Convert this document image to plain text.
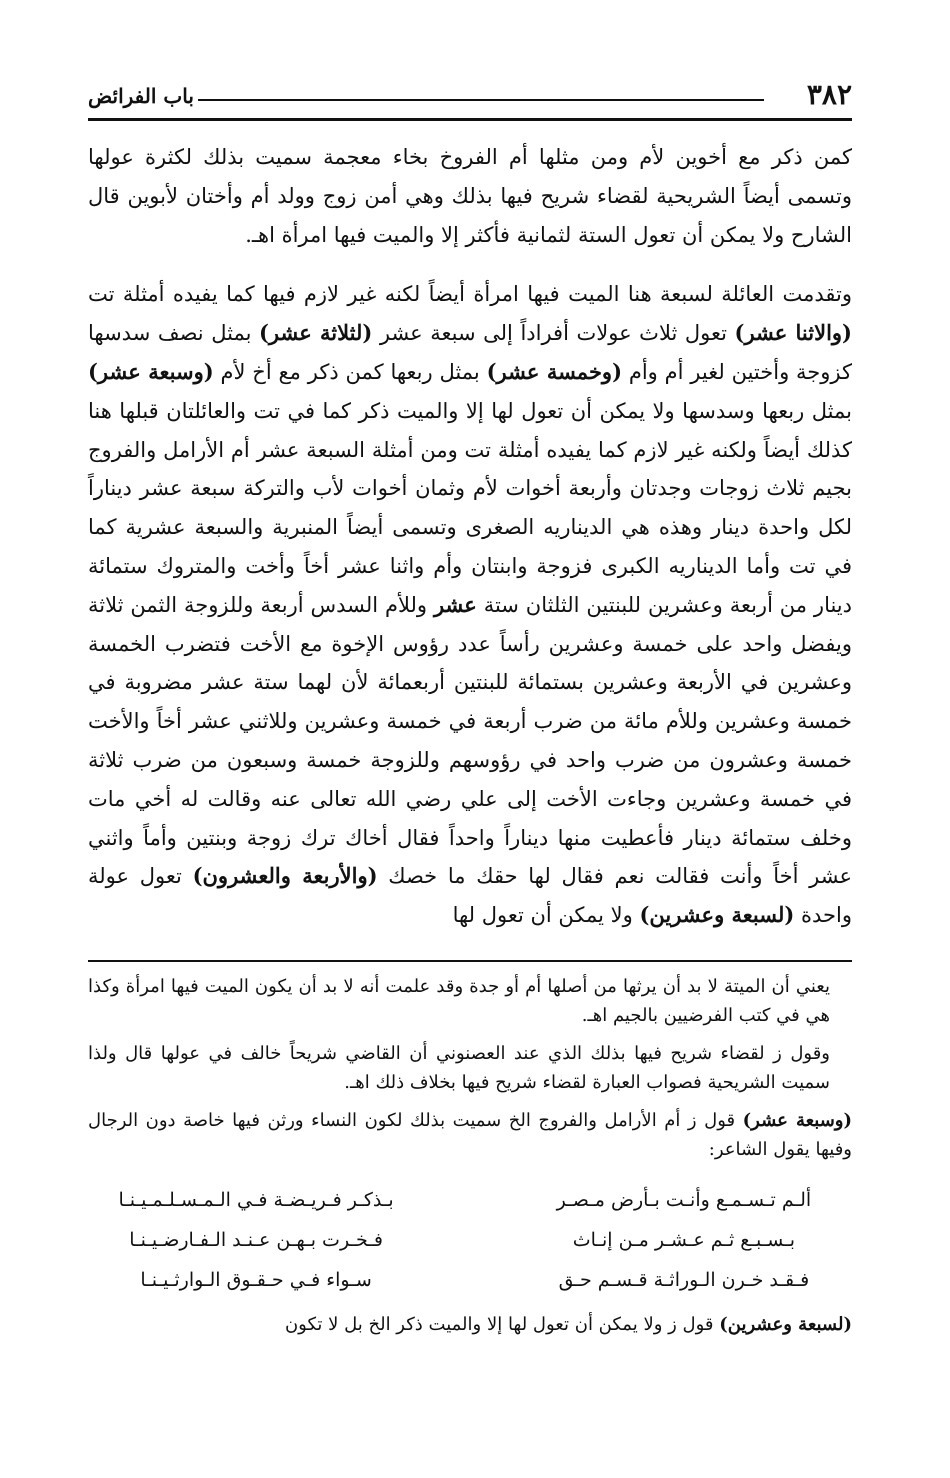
٣٨٢
باب الفرائض

كمن ذكر مع أخوين لأم ومن مثلها أم الفروخ بخاء معجمة سميت بذلك لكثرة عولها وتسمى أيضاً الشريحية لقضاء شريح فيها بذلك وهي أمن زوج وولد أم وأختان لأبوين قال الشارح ولا يمكن أن تعول الستة لثمانية فأكثر إلا والميت فيها امرأة اهـ.

وتقدمت العائلة لسبعة هنا الميت فيها امرأة أيضاً لكنه غير لازم فيها كما يفيده أمثلة تت (والاثنا عشر) تعول ثلاث عولات أفراداً إلى سبعة عشر (لثلاثة عشر) بمثل نصف سدسها كزوجة وأختين لغير أم وأم (وخمسة عشر) بمثل ربعها كمن ذكر مع أخ لأم (وسبعة عشر) بمثل ربعها وسدسها ولا يمكن أن تعول لها إلا والميت ذكر كما في تت والعائلتان قبلها هنا كذلك أيضاً ولكنه غير لازم كما يفيده أمثلة تت ومن أمثلة السبعة عشر أم الأرامل والفروج بجيم ثلاث زوجات وجدتان وأربعة أخوات لأم وثمان أخوات لأب والتركة سبعة عشر ديناراً لكل واحدة دينار وهذه هي الديناريه الصغرى وتسمى أيضاً المنبرية والسبعة عشرية كما في تت وأما الديناريه الكبرى فزوجة وابنتان وأم واثنا عشر أخاً وأخت والمتروك ستمائة دينار من أربعة وعشرين للبنتين الثلثان ستة عشر وللأم السدس أربعة وللزوجة الثمن ثلاثة ويفضل واحد على خمسة وعشرين رأساً عدد رؤوس الإخوة مع الأخت فتضرب الخمسة وعشرين في الأربعة وعشرين بستمائة للبنتين أربعمائة لأن لهما ستة عشر مضروبة في خمسة وعشرين وللأم مائة من ضرب أربعة في خمسة وعشرين وللاثني عشر أخاً والأخت خمسة وعشرون من ضرب واحد في رؤوسهم وللزوجة خمسة وسبعون من ضرب ثلاثة في خمسة وعشرين وجاءت الأخت إلى علي رضي الله تعالى عنه وقالت له أخي مات وخلف ستمائة دينار فأعطيت منها ديناراً واحداً فقال أخاك ترك زوجة وبنتين وأماً واثني عشر أخاً وأنت فقالت نعم فقال لها حقك ما خصك (والأربعة والعشرون) تعول عولة واحدة (لسبعة وعشرين) ولا يمكن أن تعول لها

يعني أن الميتة لا بد أن يرثها من أصلها أم أو جدة وقد علمت أنه لا بد أن يكون الميت فيها امرأة وكذا هي في كتب الفرضيين بالجيم اهـ.

وقول ز لقضاء شريح فيها بذلك الذي عند العصنوني أن القاضي شريحاً خالف في عولها قال ولذا سميت الشريحية فصواب العبارة لقضاء شريح فيها بخلاف ذلك اهـ.

(وسبعة عشر) قول ز أم الأرامل والفروج الخ سميت بذلك لكون النساء ورثن فيها خاصة دون الرجال وفيها يقول الشاعر:

ألـم تـسـمـع وأنـت بـأرض مـصـر
بـذكـر فـريـضـة فـي الـمـسـلـمـيـنـا
بـسـبـع ثـم عـشـر مـن إنـاث
فـخـرت بـهـن عـنـد الـفـارضـيـنـا
فـقـد خـرن الـوراثـة قـسـم حـق
سـواء فـي حـقـوق الـوارثـيـنـا

(لسبعة وعشرين) قول ز ولا يمكن أن تعول لها إلا والميت ذكر الخ بل لا تكون
